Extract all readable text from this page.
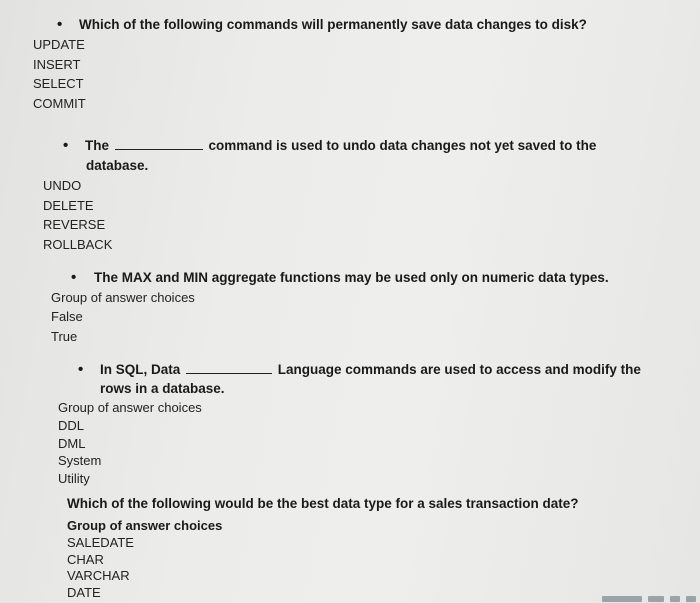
• Which of the following commands will permanently save data changes to disk?
UPDATE
INSERT
SELECT
COMMIT
• The	command is used to undo data changes not yet saved to the
database.
UNDO
DELETE
REVERSE
ROLLBACK
• The MAX and MIN aggregate functions may be used only on numeric data types.
Group of answer choices
False
True
• In SQL, Data	Language commands are used to access and modify the
rows in a database.
Group of answer choices
DDL
DML
System
Utility
Which of the following would be the best data type for a sales transaction date?
Group of answer choices
SALEDATE
CHAR
VARCHAR
DATE
